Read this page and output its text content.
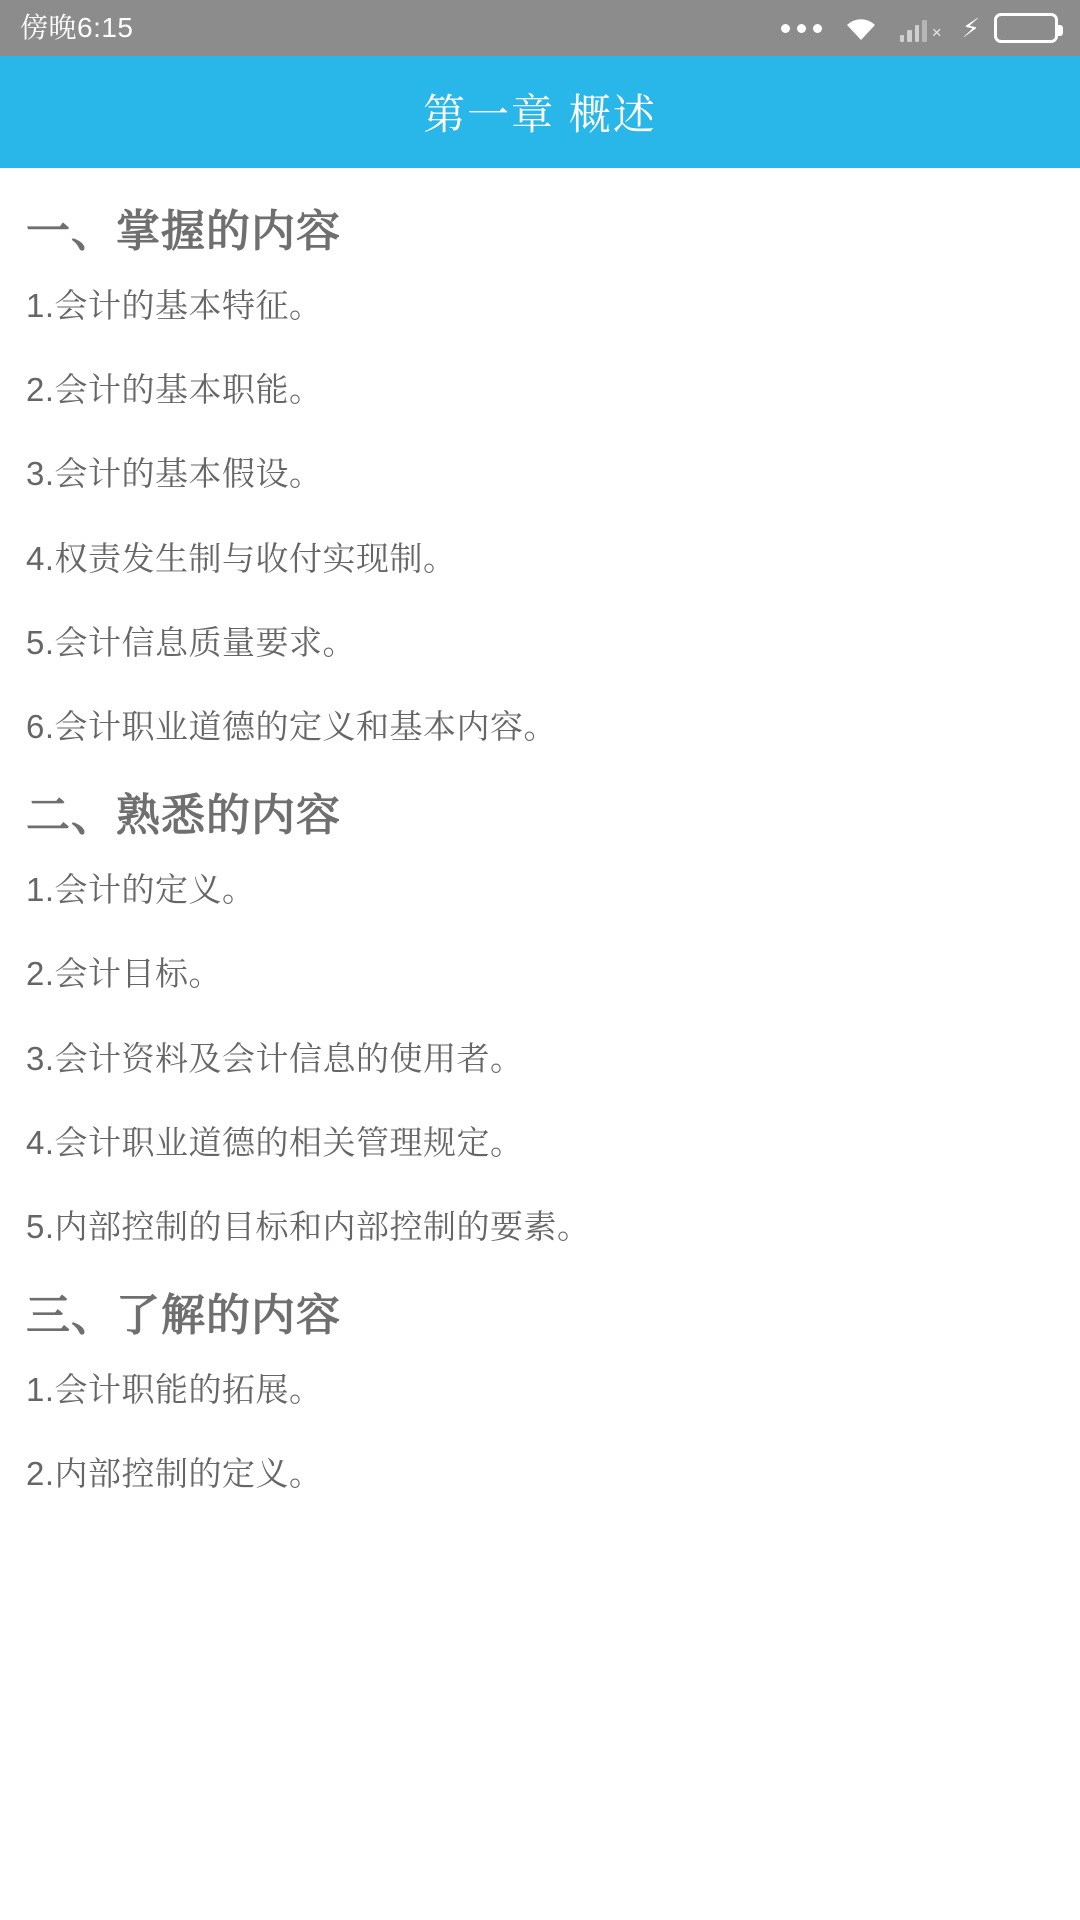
傍晚6:15	× ⚡
第一章 概述
一、掌握的内容

1.会计的基本特征。

2.会计的基本职能。

3.会计的基本假设。

4.权责发生制与收付实现制。

5.会计信息质量要求。

6.会计职业道德的定义和基本内容。

二、熟悉的内容

1.会计的定义。

2.会计目标。

3.会计资料及会计信息的使用者。

4.会计职业道德的相关管理规定。

5.内部控制的目标和内部控制的要素。

三、了解的内容

1.会计职能的拓展。

2.内部控制的定义。
